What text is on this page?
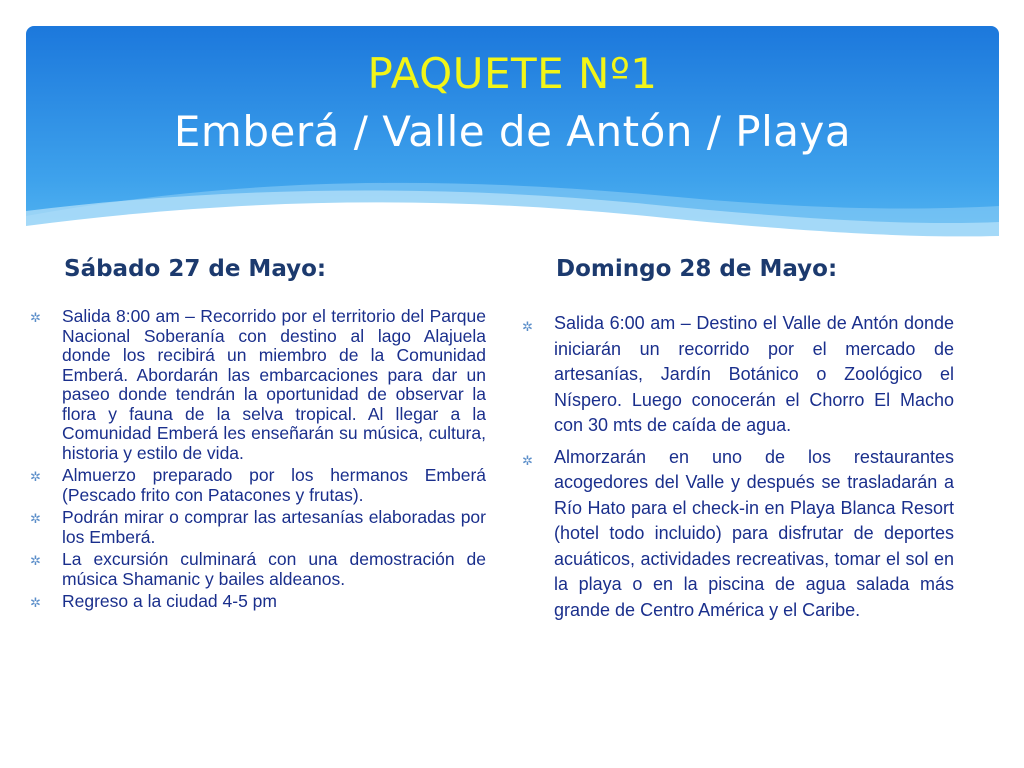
PAQUETE Nº1
Emberá / Valle de Antón / Playa
Sábado 27 de Mayo:	Domingo 28 de Mayo:

✲ Salida 8:00 am – Recorrido por el territorio del Parque Nacional Soberanía con destino al lago Alajuela donde los recibirá un miembro de la Comunidad Emberá. Abordarán las embarcaciones para dar un paseo donde tendrán la oportunidad de observar la flora y fauna de la selva tropical. Al llegar a la Comunidad Emberá les enseñarán su música, cultura, historia y estilo de vida.

✲ Almuerzo preparado por los hermanos Emberá (Pescado frito con Patacones y frutas).

✲ Podrán mirar o comprar las artesanías elaboradas por los Emberá.

✲ La excursión culminará con una demostración de música Shamanic y bailes aldeanos.

✲ Regreso a la ciudad 4-5 pm

✲ Salida 6:00 am – Destino el Valle de Antón donde iniciarán un recorrido por el mercado de artesanías, Jardín Botánico o Zoológico el Níspero. Luego conocerán el Chorro El Macho con 30 mts de caída de agua.

✲ Almorzarán en uno de los restaurantes acogedores del Valle y después se trasladarán a Río Hato para el check-in en Playa Blanca Resort (hotel todo incluido) para disfrutar de deportes acuáticos, actividades recreativas, tomar el sol en la playa o en la piscina de agua salada más grande de Centro América y el Caribe.
